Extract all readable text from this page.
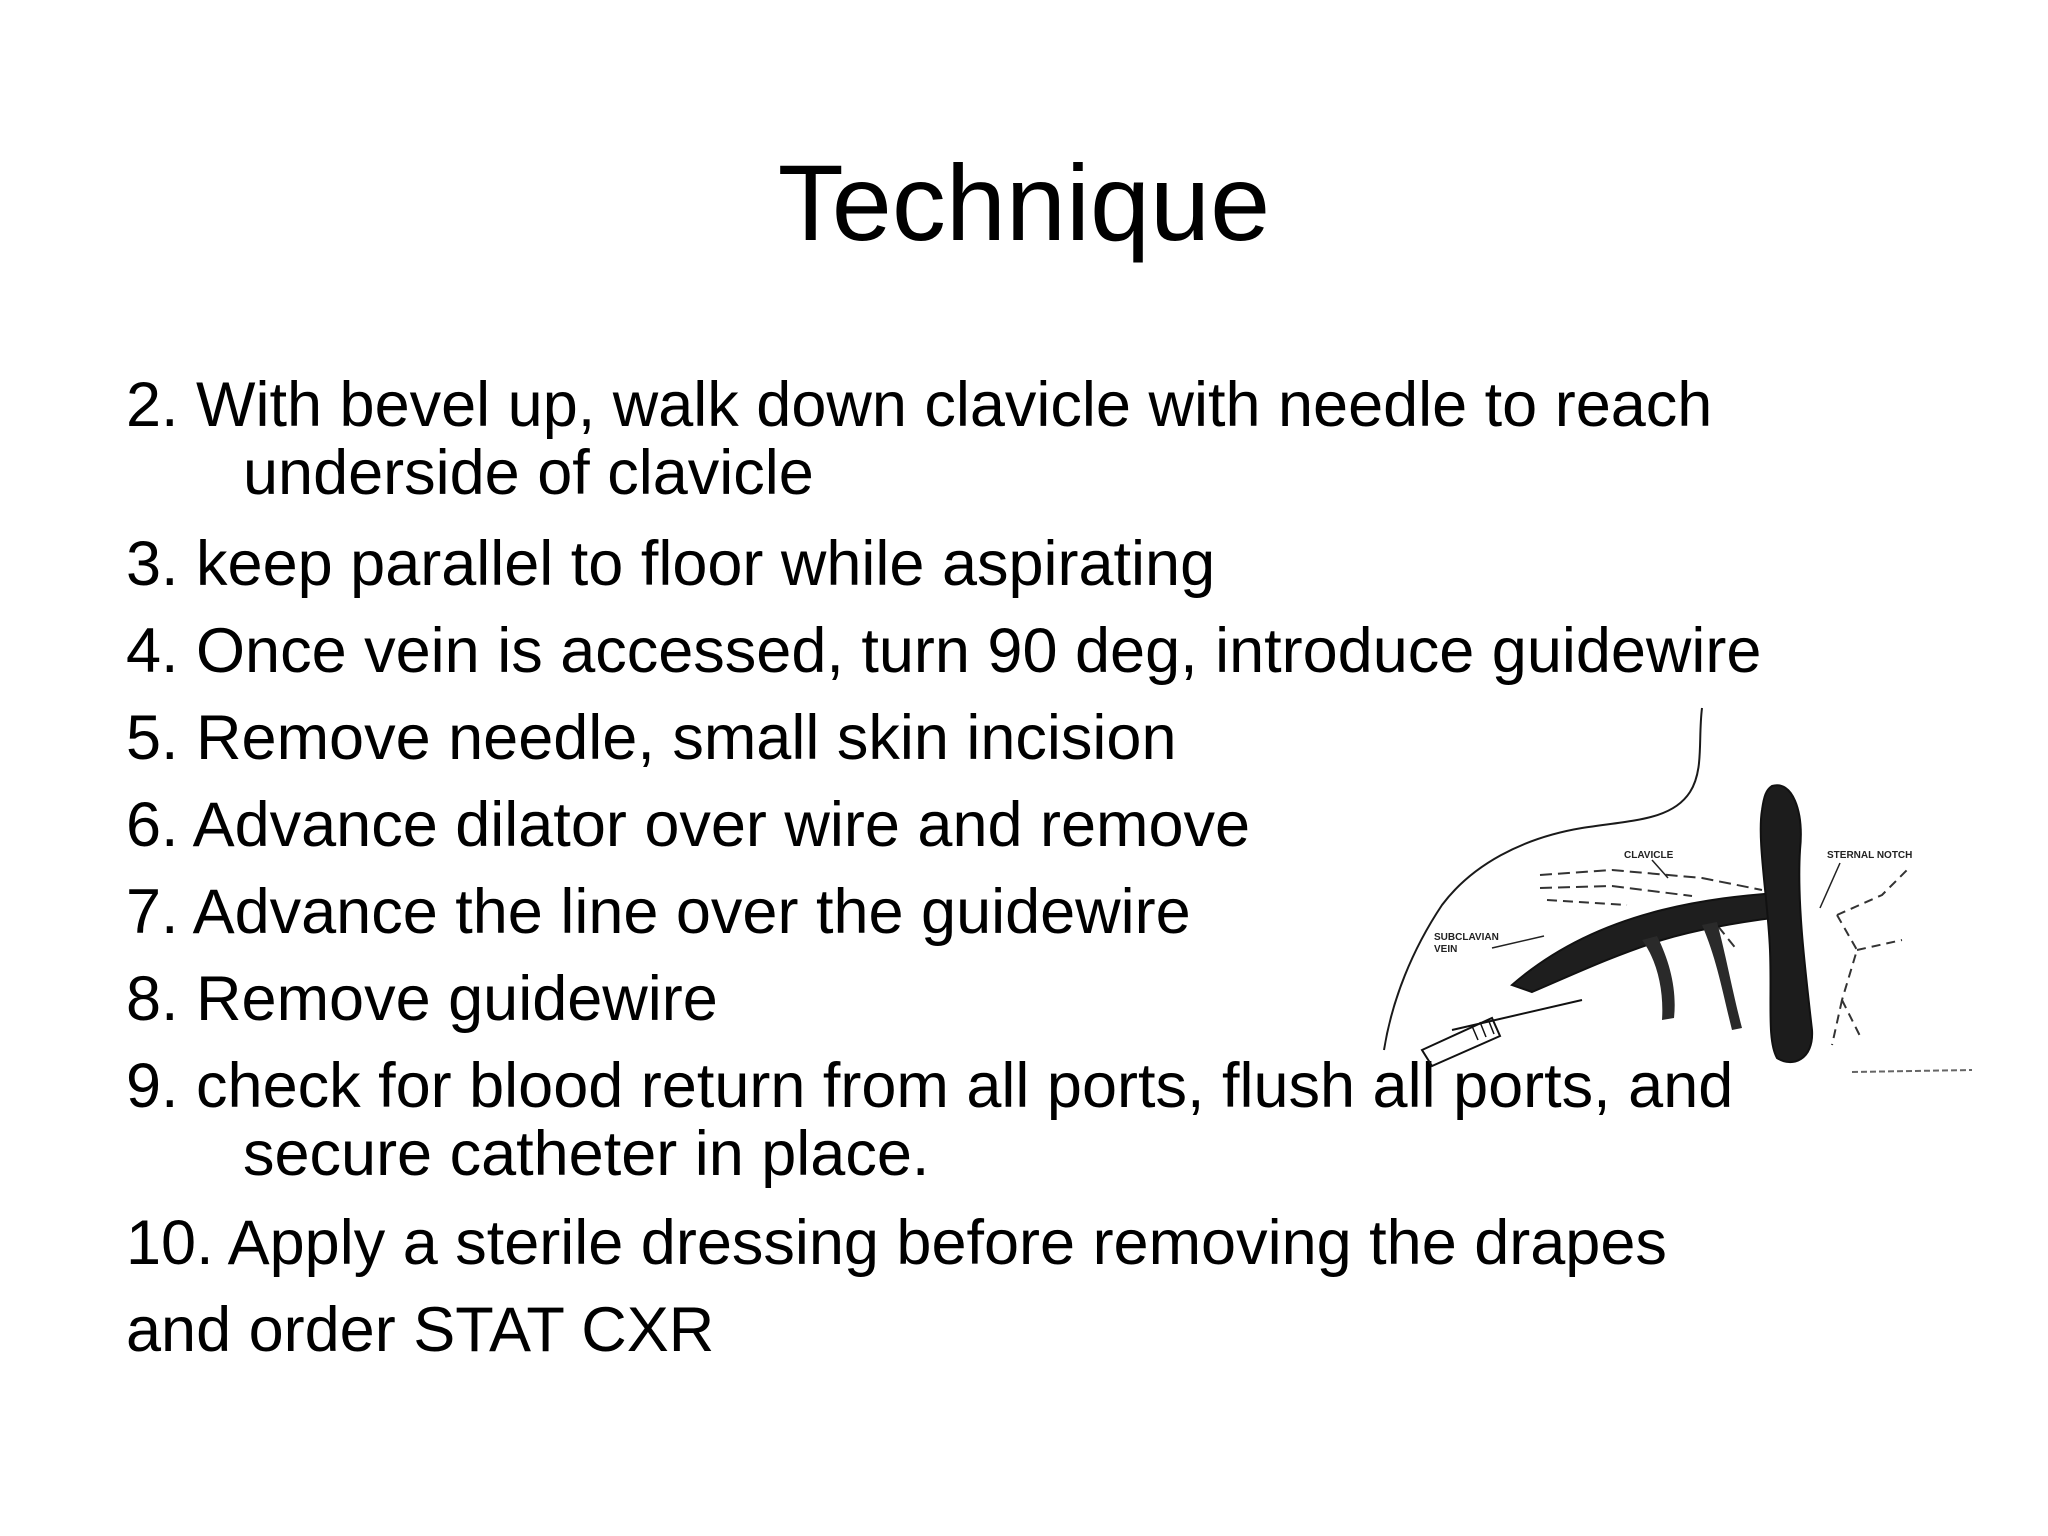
Technique
2. With bevel up, walk down clavicle with needle to reach
underside of clavicle
3. keep parallel to floor while aspirating
4. Once vein is accessed, turn 90 deg, introduce guidewire
5. Remove needle, small skin incision
6. Advance dilator over wire and remove
7. Advance the line over the guidewire
8. Remove guidewire
9. check for blood return from all ports, flush all ports, and
secure catheter in place.
10. Apply a sterile dressing before removing the drapes
and order STAT CXR
CLAVICLE	STERNAL NOTCH
SUBCLAVIAN
VEIN
